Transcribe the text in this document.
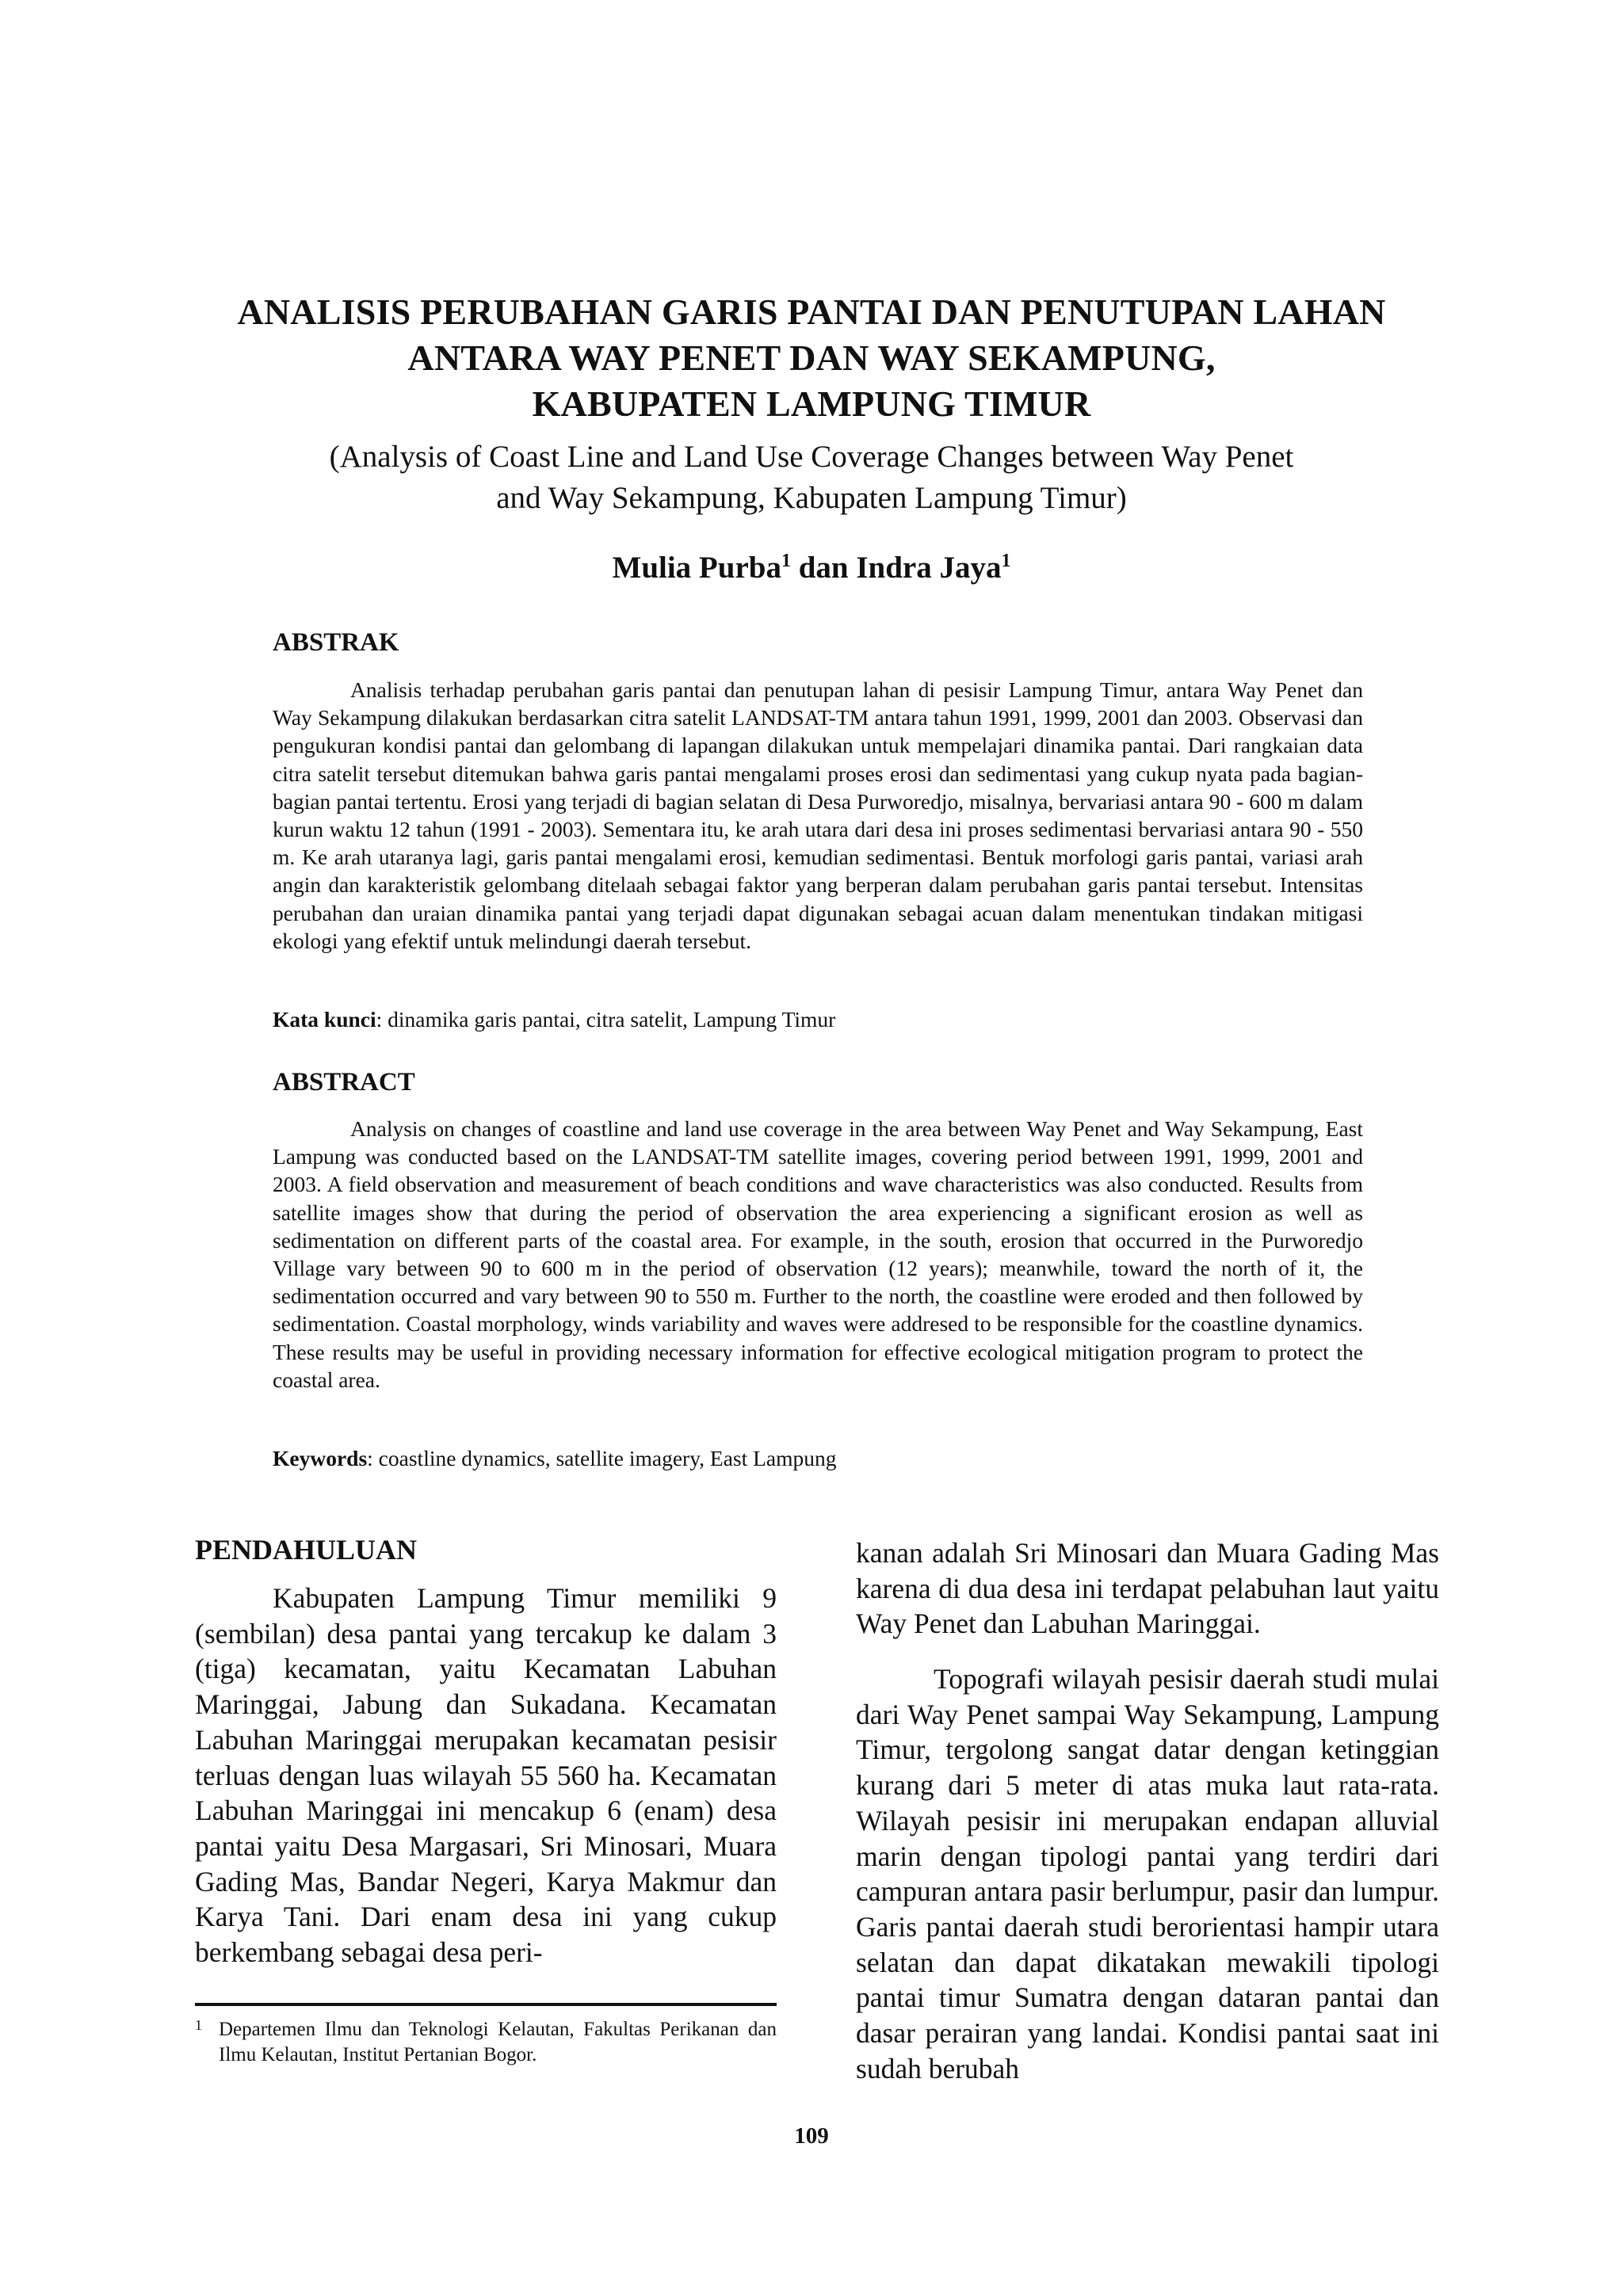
ANALISIS PERUBAHAN GARIS PANTAI DAN PENUTUPAN LAHAN
ANTARA WAY PENET DAN WAY SEKAMPUNG,
KABUPATEN LAMPUNG TIMUR
(Analysis of Coast Line and Land Use Coverage Changes between Way Penet
and Way Sekampung, Kabupaten Lampung Timur)
Mulia Purba$^1$ dan Indra Jaya$^1$
ABSTRAK

Analisis terhadap perubahan garis pantai dan penutupan lahan di pesisir Lampung Timur, antara Way Penet dan Way Sekampung dilakukan berdasarkan citra satelit LANDSAT-TM antara tahun 1991, 1999, 2001 dan 2003. Observasi dan pengukuran kondisi pantai dan gelombang di lapangan dilakukan untuk mempelajari dinamika pantai. Dari rangkaian data citra satelit tersebut ditemukan bahwa garis pantai mengalami proses erosi dan sedimentasi yang cukup nyata pada bagian-bagian pantai tertentu. Erosi yang terjadi di bagian selatan di Desa Purworedjo, misalnya, bervariasi antara 90 - 600 m dalam kurun waktu 12 tahun (1991 - 2003). Sementara itu, ke arah utara dari desa ini proses sedimentasi bervariasi antara 90 - 550 m. Ke arah utaranya lagi, garis pantai mengalami erosi, kemudian sedimentasi. Bentuk morfologi garis pantai, variasi arah angin dan karakteristik gelombang ditelaah sebagai faktor yang berperan dalam perubahan garis pantai tersebut. Intensitas perubahan dan uraian dinamika pantai yang terjadi dapat digunakan sebagai acuan dalam menentukan tindakan mitigasi ekologi yang efektif untuk melindungi daerah tersebut.

Kata kunci: dinamika garis pantai, citra satelit, Lampung Timur

ABSTRACT

Analysis on changes of coastline and land use coverage in the area between Way Penet and Way Sekampung, East Lampung was conducted based on the LANDSAT-TM satellite images, covering period between 1991, 1999, 2001 and 2003. A field observation and measurement of beach conditions and wave characteristics was also conducted. Results from satellite images show that during the period of observation the area experiencing a significant erosion as well as sedimentation on different parts of the coastal area. For example, in the south, erosion that occurred in the Purworedjo Village vary between 90 to 600 m in the period of observation (12 years); meanwhile, toward the north of it, the sedimentation occurred and vary between 90 to 550 m. Further to the north, the coastline were eroded and then followed by sedimentation. Coastal morphology, winds variability and waves were addresed to be responsible for the coastline dynamics. These results may be useful in providing necessary information for effective ecological mitigation program to protect the coastal area.

Keywords: coastline dynamics, satellite imagery, East Lampung

PENDAHULUAN

Kabupaten Lampung Timur memiliki 9 (sembilan) desa pantai yang tercakup ke dalam 3 (tiga) kecamatan, yaitu Kecamatan Labuhan Maringgai, Jabung dan Sukadana. Kecamatan Labuhan Maringgai merupakan kecamatan pesisir terluas dengan luas wilayah 55 560 ha. Kecamatan Labuhan Maringgai ini mencakup 6 (enam) desa pantai yaitu Desa Margasari, Sri Minosari, Muara Gading Mas, Bandar Negeri, Karya Makmur dan Karya Tani. Dari enam desa ini yang cukup berkembang sebagai desa peri-

kanan adalah Sri Minosari dan Muara Gading Mas karena di dua desa ini terdapat pelabuhan laut yaitu Way Penet dan Labuhan Maringgai.

Topografi wilayah pesisir daerah studi mulai dari Way Penet sampai Way Sekampung, Lampung Timur, tergolong sangat datar dengan ketinggian kurang dari 5 meter di atas muka laut rata-rata. Wilayah pesisir ini merupakan endapan alluvial marin dengan tipologi pantai yang terdiri dari campuran antara pasir berlumpur, pasir dan lumpur. Garis pantai daerah studi berorientasi hampir utara selatan dan dapat dikatakan mewakili tipologi pantai timur Sumatra dengan dataran pantai dan dasar perairan yang landai. Kondisi pantai saat ini sudah berubah

1 Departemen Ilmu dan Teknologi Kelautan, Fakultas Perikanan dan Ilmu Kelautan, Institut Pertanian Bogor.
109
